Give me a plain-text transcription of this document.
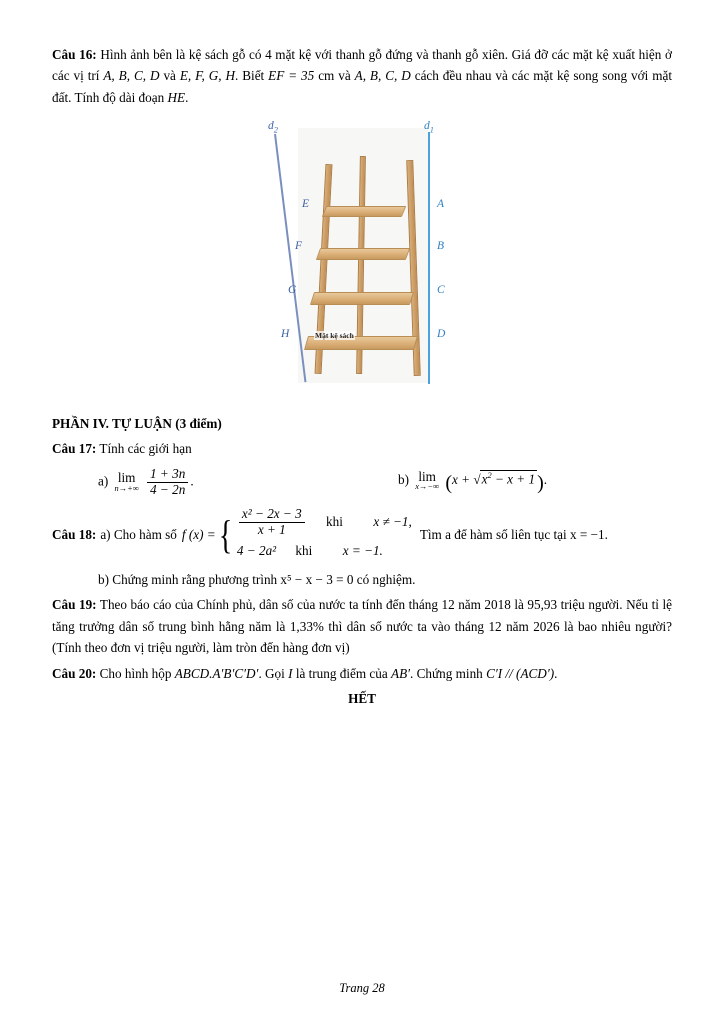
Câu 16: Hình ảnh bên là kệ sách gỗ có 4 mặt kệ với thanh gỗ đứng và thanh gỗ xiên. Giá đỡ các mặt kệ xuất hiện ở các vị trí A, B, C, D và E, F, G, H. Biết EF = 35 cm và A, B, C, D cách đều nhau và các mặt kệ song song với mặt đất. Tính độ dài đoạn HE.

$d_2$	$d_1$
E
F
G
H
A
B
C
D
Mặt kệ sách

PHẦN IV. TỰ LUẬN (3 điểm)

Câu 17: Tính các giới hạn

a) lim
n→+∞
$\frac{1 + 3n}{4 - 2n}$ .	b) lim
x→−∞ ($x + √x^2 - x + 1$ ).
Câu 18: a) Cho hàm số f (x) = { $\frac{\text{x² − 2x − 3}}{x + 1}$ khi x ≠ −1,
4 − 2a² khi x = −1.
Tìm a để hàm số liên tục tại x = −1.

b) Chứng minh rằng phương trình x⁵ − x − 3 = 0 có nghiệm.

Câu 19: Theo báo cáo của Chính phủ, dân số của nước ta tính đến tháng 12 năm 2018 là 95,93 triệu người. Nếu tỉ lệ tăng trưởng dân số trung bình hằng năm là 1,33% thì dân số nước ta vào tháng 12 năm 2026 là bao nhiêu người? (Tính theo đơn vị triệu người, làm tròn đến hàng đơn vị)

Câu 20: Cho hình hộp ABCD.A′B′C′D′. Gọi I là trung điểm của AB′. Chứng minh C′I // (ACD′).

HẾT

Trang 28
